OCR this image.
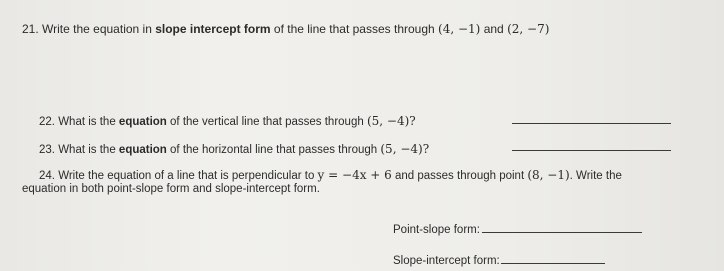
21. Write the equation in slope intercept form of the line that passes through (4, −1) and (2, −7)
22. What is the equation of the vertical line that passes through (5, −4)?
23. What is the equation of the horizontal line that passes through (5, −4)?
24. Write the equation of a line that is perpendicular to y = −4x + 6 and passes through point (8, −1). Write the
equation in both point-slope form and slope-intercept form.
Point-slope form:
Slope-intercept form:
